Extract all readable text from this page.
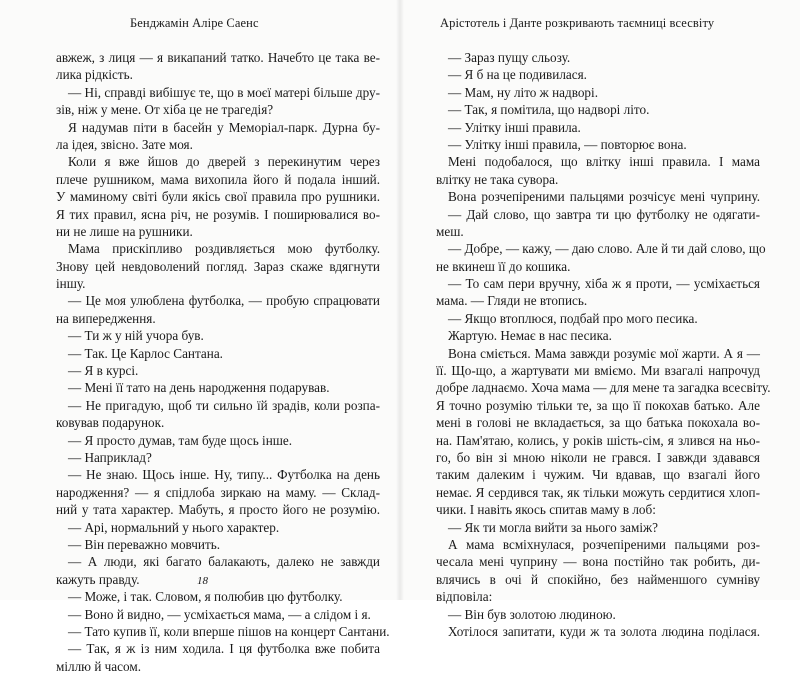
Бенджамін Аліре Саенс
авжеж, з лиця — я викапаний татко. Начебто це така ве-
лика рідкість.
— Ні, справді вибішує те, що в моєї матері більше дру-
зів, ніж у мене. От хіба це не трагедія?
Я надумав піти в басейн у Меморіал-парк. Дурна бу-
ла ідея, звісно. Зате моя.
Коли я вже йшов до дверей з перекинутим через
плече рушником, мама вихопила його й подала інший.
У маминому світі були якісь свої правила про рушники.
Я тих правил, ясна річ, не розумів. І поширювалися во-
ни не лише на рушники.
Мама прискіпливо роздивляється мою футболку.
Знову цей невдоволений погляд. Зараз скаже вдягнути
іншу.
— Це моя улюблена футболка, — пробую спрацювати
на випередження.
— Ти ж у ній учора був.
— Так. Це Карлос Сантана.
— Я в курсі.
— Мені її тато на день народження подарував.
— Не пригадую, щоб ти сильно їй зрадів, коли розпа-
ковував подарунок.
— Я просто думав, там буде щось інше.
— Наприклад?
— Не знаю. Щось інше. Ну, типу... Футболка на день
народження? — я спідлоба зиркаю на маму. — Склад-
ний у тата характер. Мабуть, я просто його не розумію.
— Арі, нормальний у нього характер.
— Він переважно мовчить.
— А люди, які багато балакають, далеко не завжди
кажуть правду.
— Може, і так. Словом, я полюбив цю футболку.
— Воно й видно, — усміхається мама, — а слідом і я.
— Тато купив її, коли вперше пішов на концерт Сантани.
— Так, я ж із ним ходила. І ця футболка вже побита
міллю й часом.
18
Арістотель і Данте розкривають таємниці всесвіту
— Зараз пущу сльозу.
— Я б на це подивилася.
— Мам, ну літо ж надворі.
— Так, я помітила, що надворі літо.
— Улітку інші правила.
— Улітку інші правила, — повторює вона.
Мені подобалося, що влітку інші правила. І мама
влітку не така сувора.
Вона розчепіреними пальцями розчісує мені чуприну.
— Дай слово, що завтра ти цю футболку не одягати-
меш.
— Добре, — кажу, — даю слово. Але й ти дай слово, що
не вкинеш її до кошика.
— То сам пери вручну, хіба ж я проти, — усміхається
мама. — Гляди не втопись.
— Якщо втоплюся, подбай про мого песика.
Жартую. Немає в нас песика.
Вона сміється. Мама завжди розуміє мої жарти. А я —
її. Що-що, а жартувати ми вміємо. Ми взагалі напрочуд
добре ладнаємо. Хоча мама — для мене та загадка всесвіту.
Я точно розумію тільки те, за що її покохав батько. Але
мені в голові не вкладається, за що батька покохала во-
на. Пам'ятаю, колись, у років шість-сім, я злився на ньо-
го, бо він зі мною ніколи не грався. І завжди здавався
таким далеким і чужим. Чи вдавав, що взагалі його
немає. Я сердився так, як тільки можуть сердитися хлоп-
чики. І навіть якось спитав маму в лоб:
— Як ти могла вийти за нього заміж?
А мама всміхнулася, розчепіреними пальцями роз-
чесала мені чуприну — вона постійно так робить, ди-
влячись в очі й спокійно, без найменшого сумніву
відповіла:
— Він був золотою людиною.
Хотілося запитати, куди ж та золота людина поділася.
